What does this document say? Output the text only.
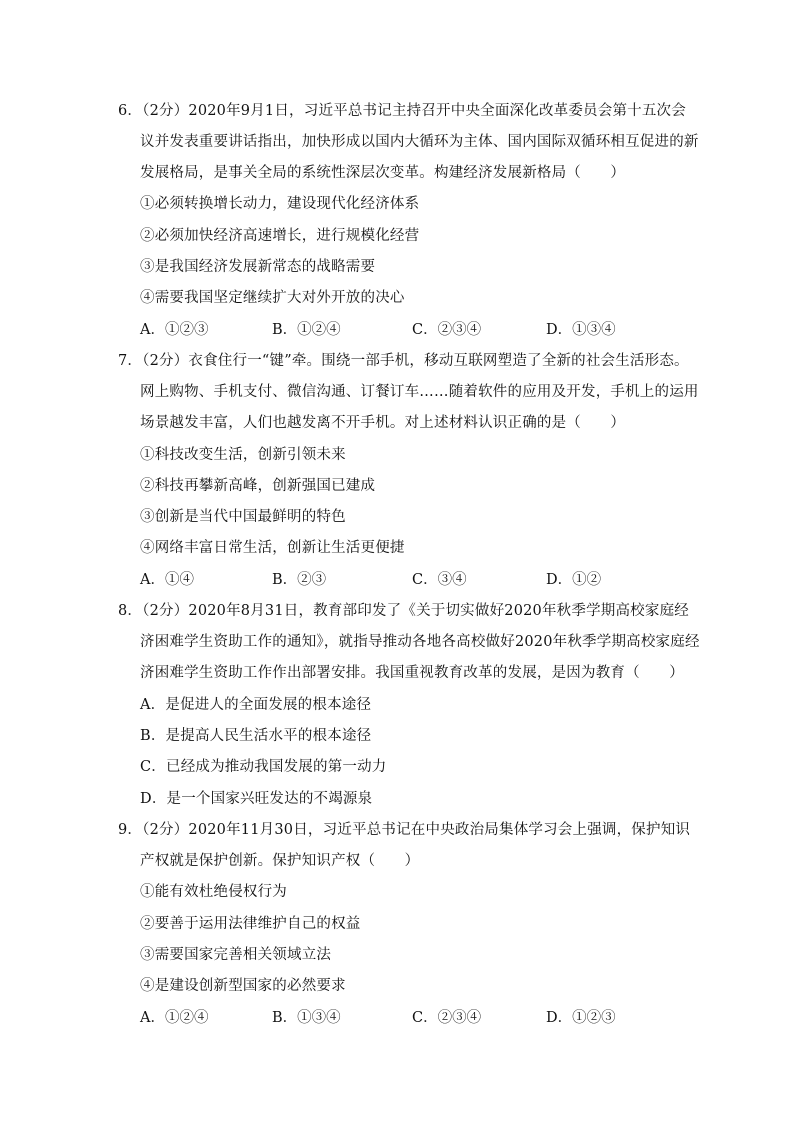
6．（2分）2020年9月1日，习近平总书记主持召开中央全面深化改革委员会第十五次会
议并发表重要讲话指出，加快形成以国内大循环为主体、国内国际双循环相互促进的新
发展格局，是事关全局的系统性深层次变革。构建经济发展新格局（　　）
①必须转换增长动力，建设现代化经济体系
②必须加快经济高速增长，进行规模化经营
③是我国经济发展新常态的战略需要
④需要我国坚定继续扩大对外开放的决心
A．①②③	B．①②④	C．②③④	D．①③④
7．（2分）衣食住行一“键”牵。围绕一部手机，移动互联网塑造了全新的社会生活形态。
网上购物、手机支付、微信沟通、订餐订车……随着软件的应用及开发，手机上的运用
场景越发丰富，人们也越发离不开手机。对上述材料认识正确的是（　　）
①科技改变生活，创新引领未来
②科技再攀新高峰，创新强国已建成
③创新是当代中国最鲜明的特色
④网络丰富日常生活，创新让生活更便捷
A．①④	B．②③	C．③④	D．①②
8．（2分）2020年8月31日，教育部印发了《关于切实做好2020年秋季学期高校家庭经
济困难学生资助工作的通知》，就指导推动各地各高校做好2020年秋季学期高校家庭经
济困难学生资助工作作出部署安排。我国重视教育改革的发展，是因为教育（　　）
A．是促进人的全面发展的根本途径
B．是提高人民生活水平的根本途径
C．已经成为推动我国发展的第一动力
D．是一个国家兴旺发达的不竭源泉
9．（2分）2020年11月30日，习近平总书记在中央政治局集体学习会上强调，保护知识
产权就是保护创新。保护知识产权（　　）
①能有效杜绝侵权行为
②要善于运用法律维护自己的权益
③需要国家完善相关领域立法
④是建设创新型国家的必然要求
A．①②④	B．①③④	C．②③④	D．①②③
